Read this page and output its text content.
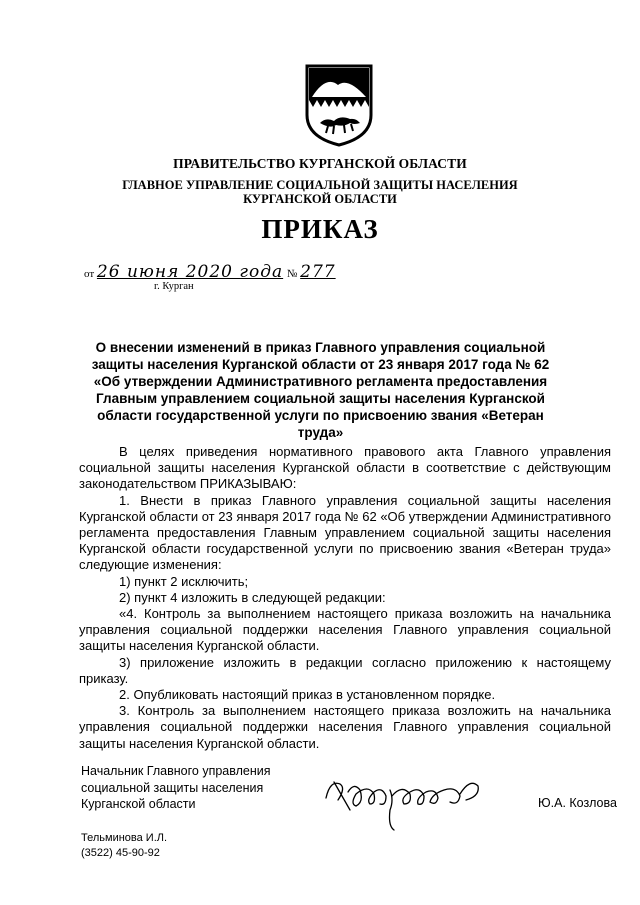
ПРАВИТЕЛЬСТВО КУРГАНСКОЙ ОБЛАСТИ
ГЛАВНОЕ УПРАВЛЕНИЕ СОЦИАЛЬНОЙ ЗАЩИТЫ НАСЕЛЕНИЯ
КУРГАНСКОЙ ОБЛАСТИ
ПРИКАЗ
от 26 июня 2020 года № 277
г. Курган
О внесении изменений в приказ Главного управления социальной защиты населения Курганской области от 23 января 2017 года № 62 «Об утверждении Административного регламента предоставления Главным управлением социальной защиты населения Курганской области государственной услуги по присвоению звания «Ветеран труда»

В целях приведения нормативного правового акта Главного управления социальной защиты населения Курганской области в соответствие с действующим законодательством ПРИКАЗЫВАЮ:

1. Внести в приказ Главного управления социальной защиты населения Курганской области от 23 января 2017 года № 62 «Об утверждении Административного регламента предоставления Главным управлением социальной защиты населения Курганской области государственной услуги по присвоению звания «Ветеран труда» следующие изменения:

1) пункт 2 исключить;

2) пункт 4 изложить в следующей редакции:

«4. Контроль за выполнением настоящего приказа возложить на начальника управления социальной поддержки населения Главного управления социальной защиты населения Курганской области.

3) приложение изложить в редакции согласно приложению к настоящему приказу.

2. Опубликовать настоящий приказ в установленном порядке.

3. Контроль за выполнением настоящего приказа возложить на начальника управления социальной поддержки населения Главного управления социальной защиты населения Курганской области.

Начальник Главного управления
социальной защиты населения
Курганской области	Ю.А. Козлова
Тельминова И.Л.
(3522) 45-90-92
